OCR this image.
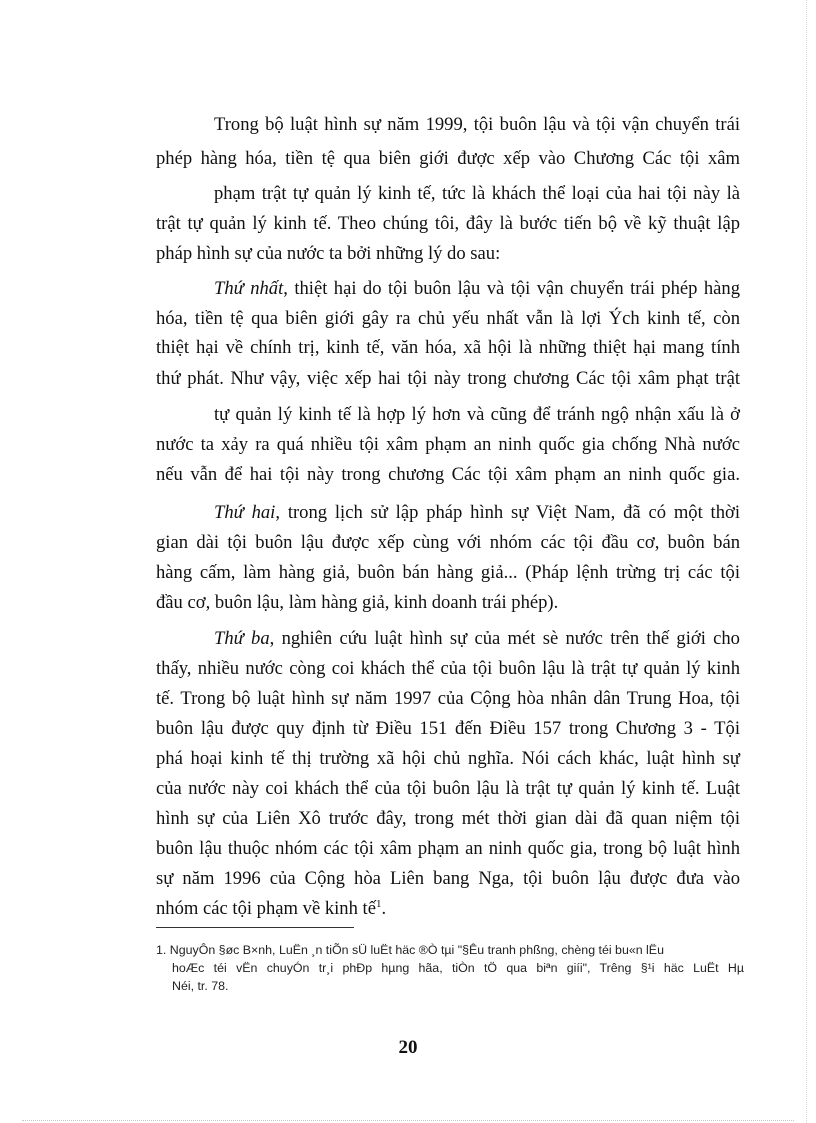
Trong bộ luật hình sự năm 1999, tội buôn lậu và tội vận chuyển trái
phép hàng hóa, tiền tệ qua biên giới được xếp vào Chương Các tội xâm
phạm trật tự quản lý kinh tế, tức là khách thể loại của hai tội này là
trật tự quản lý kinh tế. Theo chúng tôi, đây là bước tiến bộ về kỹ thuật lập
pháp hình sự của nước ta bởi những lý do sau:
Thứ nhất, thiệt hại do tội buôn lậu và tội vận chuyển trái phép hàng
hóa, tiền tệ qua biên giới gây ra chủ yếu nhất vẫn là lợi Ých kinh tế, còn
thiệt hại về chính trị, kinh tế, văn hóa, xã hội là những thiệt hại mang tính
thứ phát. Như vậy, việc xếp hai tội này trong chương Các tội xâm phạt trật
tự quản lý kinh tế là hợp lý hơn và cũng để tránh ngộ nhận xấu là ở
nước ta xảy ra quá nhiều tội xâm phạm an ninh quốc gia chống Nhà nước
nếu vẫn để hai tội này trong chương Các tội xâm phạm an ninh quốc gia.
Thứ hai, trong lịch sử lập pháp hình sự Việt Nam, đã có một thời
gian dài tội buôn lậu được xếp cùng với nhóm các tội đầu cơ, buôn bán
hàng cấm, làm hàng giả, buôn bán hàng giả... (Pháp lệnh trừng trị các tội
đầu cơ, buôn lậu, làm hàng giả, kinh doanh trái phép).
Thứ ba, nghiên cứu luật hình sự của mét sè nước trên thế giới cho
thấy, nhiều nước còng coi khách thể của tội buôn lậu là trật tự quản lý kinh
tế. Trong bộ luật hình sự năm 1997 của Cộng hòa nhân dân Trung Hoa, tội
buôn lậu được quy định từ Điều 151 đến Điều 157 trong Chương 3 - Tội
phá hoại kinh tế thị trường xã hội chủ nghĩa. Nói cách khác, luật hình sự
của nước này coi khách thể của tội buôn lậu là trật tự quản lý kinh tế. Luật
hình sự của Liên Xô trước đây, trong mét thời gian dài đã quan niệm tội
buôn lậu thuộc nhóm các tội xâm phạm an ninh quốc gia, trong bộ luật hình
sự năm 1996 của Cộng hòa Liên bang Nga, tội buôn lậu được đưa vào
nhóm các tội phạm về kinh tế$^1$.
1. NguyÔn §øc B×nh, LuËn ¸n tiÕn sÜ luËt häc ®Ò tµi "§Êu tranh phßng, chèng téi bu«n lËu
hoÆc téi vËn chuyÓn tr¸i phÐp hµng hãa, tiÒn tÖ qua biªn giíi", Trêng §¹i häc LuËt Hµ
Néi, tr. 78.
20
